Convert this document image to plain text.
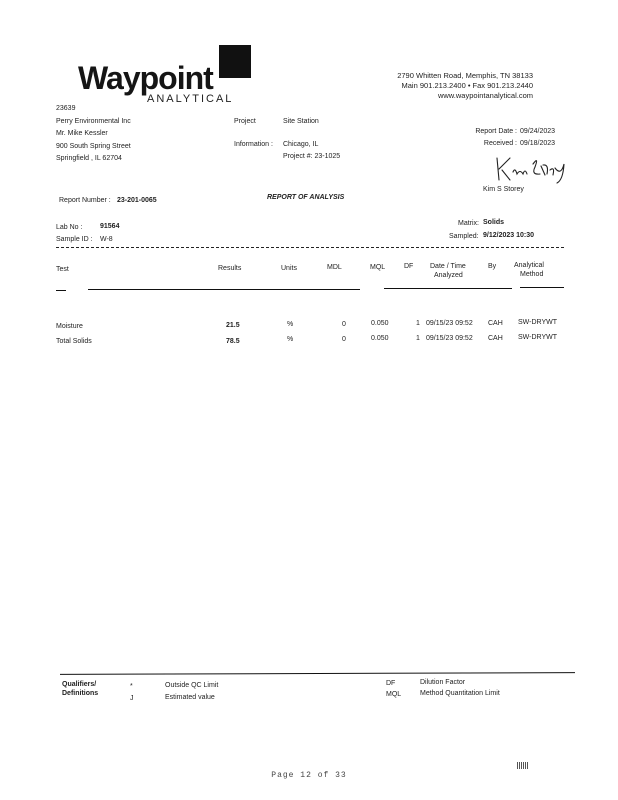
Waypoint
ANALYTICAL
2790 Whitten Road, Memphis, TN 38133
Main 901.213.2400 • Fax 901.213.2440
www.waypointanalytical.com
23639
Perry Environmental Inc
Mr. Mike Kessler
900 South Spring Street
Springfield , IL 62704
Project	Site Station
Information : Chicago, IL
Project #: 23-1025
Report Date : 09/24/2023
Received : 09/18/2023
Kim S Storey
Report Number : 23-201-0065	REPORT OF ANALYSIS
Lab No :	91564
Sample ID : W-8
Matrix: Solids
Sampled: 9/12/2023 10:30
Test	Results	Units	MDL	MQL	DF Date / Time
Analyzed
By	Analytical
Method
Moisture	21.5	%	0	0.050	1 09/15/23 09:52 CAH SW-DRYWT
Total Solids	78.5	%	0	0.050	1 09/15/23 09:52 CAH SW-DRYWT
Qualifiers/
Definitions
*	Outside QC Limit
J	Estimated value
DF	Dilution Factor
MQL	Method Quantitation Limit
Page 12 of 33
